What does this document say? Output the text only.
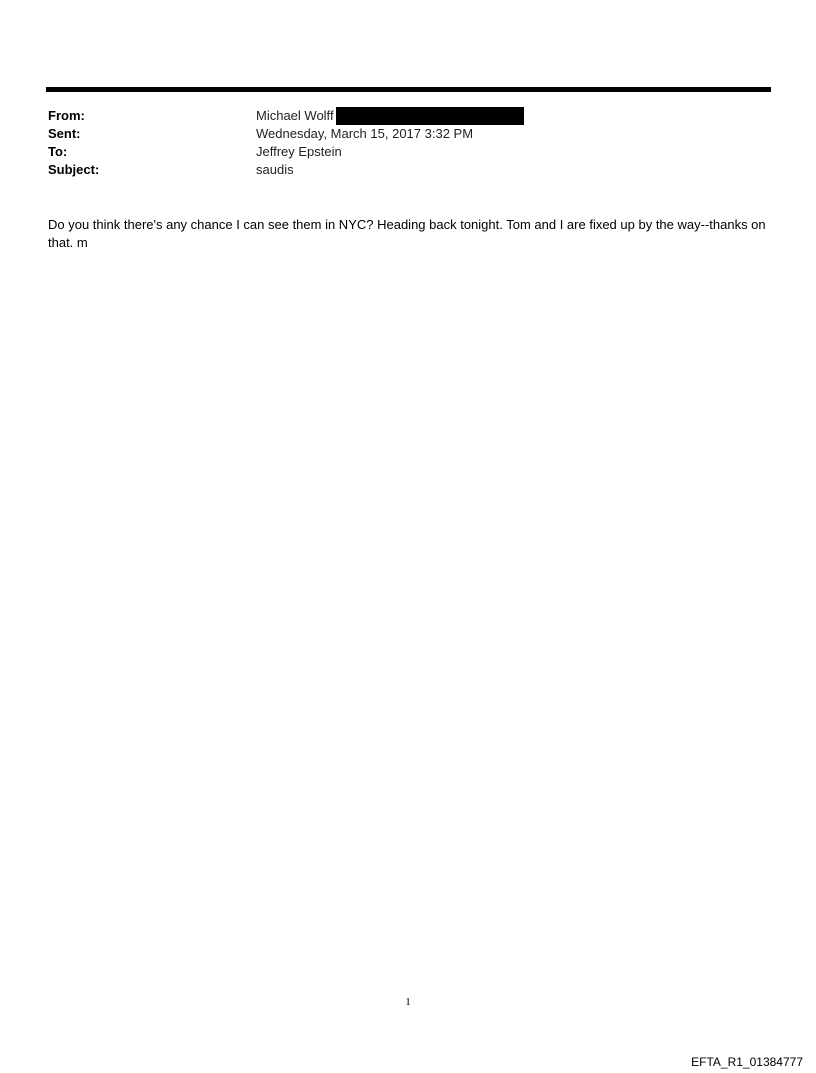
From:	Michael Wolff
Sent:	Wednesday, March 15, 2017 3:32 PM
To:	Jeffrey Epstein
Subject:	saudis
Do you think there's any chance I can see them in NYC? Heading back tonight. Tom and I are fixed up by the way--thanks on that. m
1
EFTA_R1_01384777
